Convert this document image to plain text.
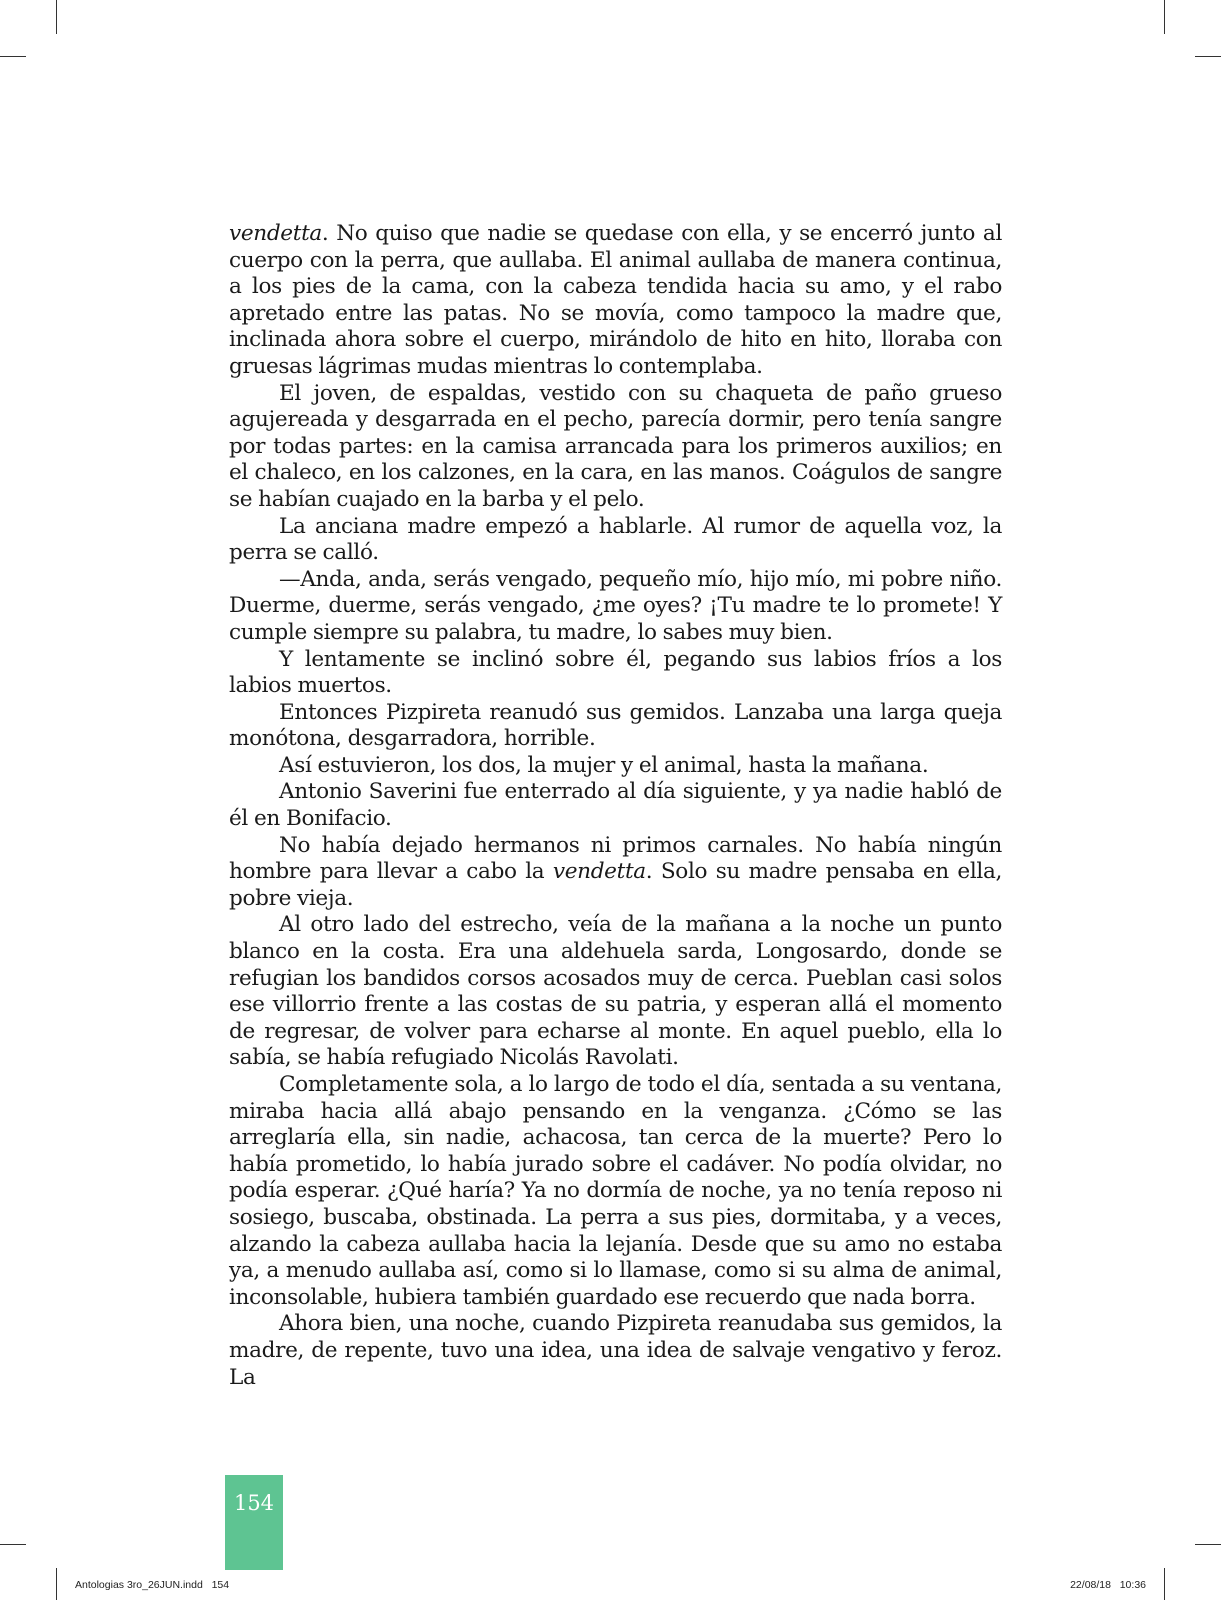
vendetta. No quiso que nadie se quedase con ella, y se encerró junto al cuerpo con la perra, que aullaba. El animal aullaba de manera continua, a los pies de la cama, con la cabeza tendida hacia su amo, y el rabo apretado entre las patas. No se movía, como tampoco la madre que, inclinada ahora sobre el cuerpo, mirándolo de hito en hito, lloraba con gruesas lágrimas mudas mientras lo contemplaba.

El joven, de espaldas, vestido con su chaqueta de paño grueso agujereada y desgarrada en el pecho, parecía dormir, pero tenía sangre por todas partes: en la camisa arrancada para los primeros auxilios; en el chaleco, en los calzones, en la cara, en las manos. Coágulos de sangre se habían cuajado en la barba y el pelo.

La anciana madre empezó a hablarle. Al rumor de aquella voz, la perra se calló.

—Anda, anda, serás vengado, pequeño mío, hijo mío, mi pobre niño. Duerme, duerme, serás vengado, ¿me oyes? ¡Tu madre te lo promete! Y cumple siempre su palabra, tu madre, lo sabes muy bien.

Y lentamente se inclinó sobre él, pegando sus labios fríos a los labios muertos.

Entonces Pizpireta reanudó sus gemidos. Lanzaba una larga queja monótona, desgarradora, horrible.

Así estuvieron, los dos, la mujer y el animal, hasta la mañana.

Antonio Saverini fue enterrado al día siguiente, y ya nadie habló de él en Bonifacio.

No había dejado hermanos ni primos carnales. No había ningún hombre para llevar a cabo la vendetta. Solo su madre pensaba en ella, pobre vieja.

Al otro lado del estrecho, veía de la mañana a la noche un punto blanco en la costa. Era una aldehuela sarda, Longosardo, donde se refugian los bandidos corsos acosados muy de cerca. Pueblan casi solos ese villorrio frente a las costas de su patria, y esperan allá el momento de regresar, de volver para echarse al monte. En aquel pueblo, ella lo sabía, se había refugiado Nicolás Ravolati.

Completamente sola, a lo largo de todo el día, sentada a su ventana, miraba hacia allá abajo pensando en la venganza. ¿Cómo se las arreglaría ella, sin nadie, achacosa, tan cerca de la muerte? Pero lo había prometido, lo había jurado sobre el cadáver. No podía olvidar, no podía esperar. ¿Qué haría? Ya no dormía de noche, ya no tenía reposo ni sosiego, buscaba, obstinada. La perra a sus pies, dormitaba, y a veces, alzando la cabeza aullaba hacia la lejanía. Desde que su amo no estaba ya, a menudo aullaba así, como si lo llamase, como si su alma de animal, inconsolable, hubiera también guardado ese recuerdo que nada borra.

Ahora bien, una noche, cuando Pizpireta reanudaba sus gemidos, la madre, de repente, tuvo una idea, una idea de salvaje vengativo y feroz. La

154
Antologias 3ro_26JUN.indd   154	22/08/18   10:36
